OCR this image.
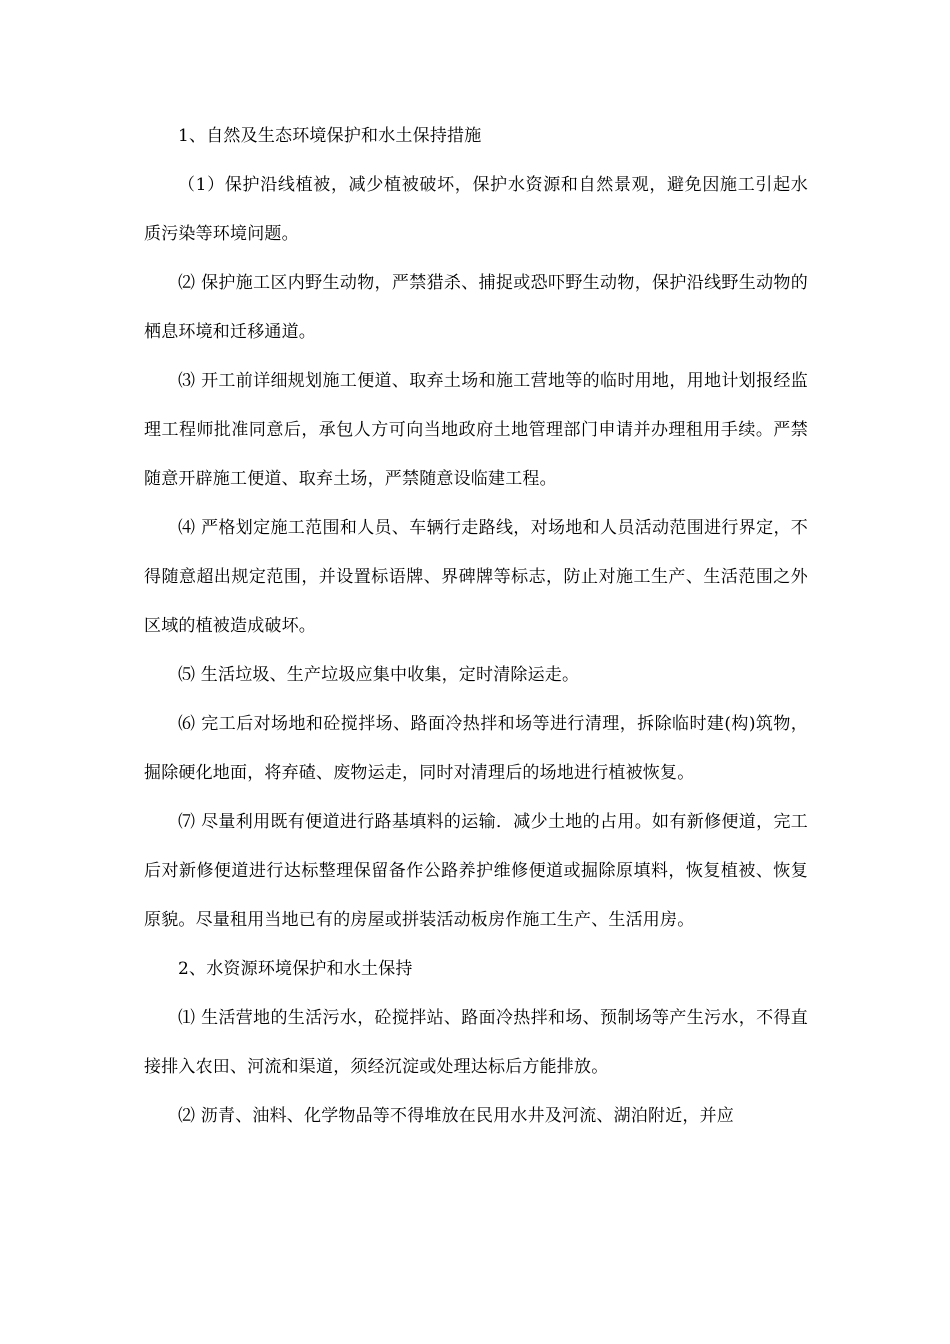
1、自然及生态环境保护和水土保持措施

（1）保护沿线植被，减少植被破坏，保护水资源和自然景观，避免因施工引起水质污染等环境问题。

⑵ 保护施工区内野生动物，严禁猎杀、捕捉或恐吓野生动物，保护沿线野生动物的栖息环境和迁移通道。

⑶ 开工前详细规划施工便道、取弃土场和施工营地等的临时用地，用地计划报经监理工程师批准同意后，承包人方可向当地政府土地管理部门申请并办理租用手续。严禁随意开辟施工便道、取弃土场，严禁随意设临建工程。

⑷ 严格划定施工范围和人员、车辆行走路线，对场地和人员活动范围进行界定，不得随意超出规定范围，并设置标语牌、界碑牌等标志，防止对施工生产、生活范围之外区域的植被造成破坏。

⑸ 生活垃圾、生产垃圾应集中收集，定时清除运走。

⑹ 完工后对场地和砼搅拌场、路面冷热拌和场等进行清理，拆除临时建(构)筑物，掘除硬化地面，将弃碴、废物运走，同时对清理后的场地进行植被恢复。

⑺ 尽量利用既有便道进行路基填料的运输．减少土地的占用。如有新修便道，完工后对新修便道进行达标整理保留备作公路养护维修便道或掘除原填料，恢复植被、恢复原貌。尽量租用当地已有的房屋或拼装活动板房作施工生产、生活用房。

2、水资源环境保护和水土保持

⑴ 生活营地的生活污水，砼搅拌站、路面冷热拌和场、预制场等产生污水，不得直接排入农田、河流和渠道，须经沉淀或处理达标后方能排放。

⑵ 沥青、油料、化学物品等不得堆放在民用水井及河流、湖泊附近，并应
